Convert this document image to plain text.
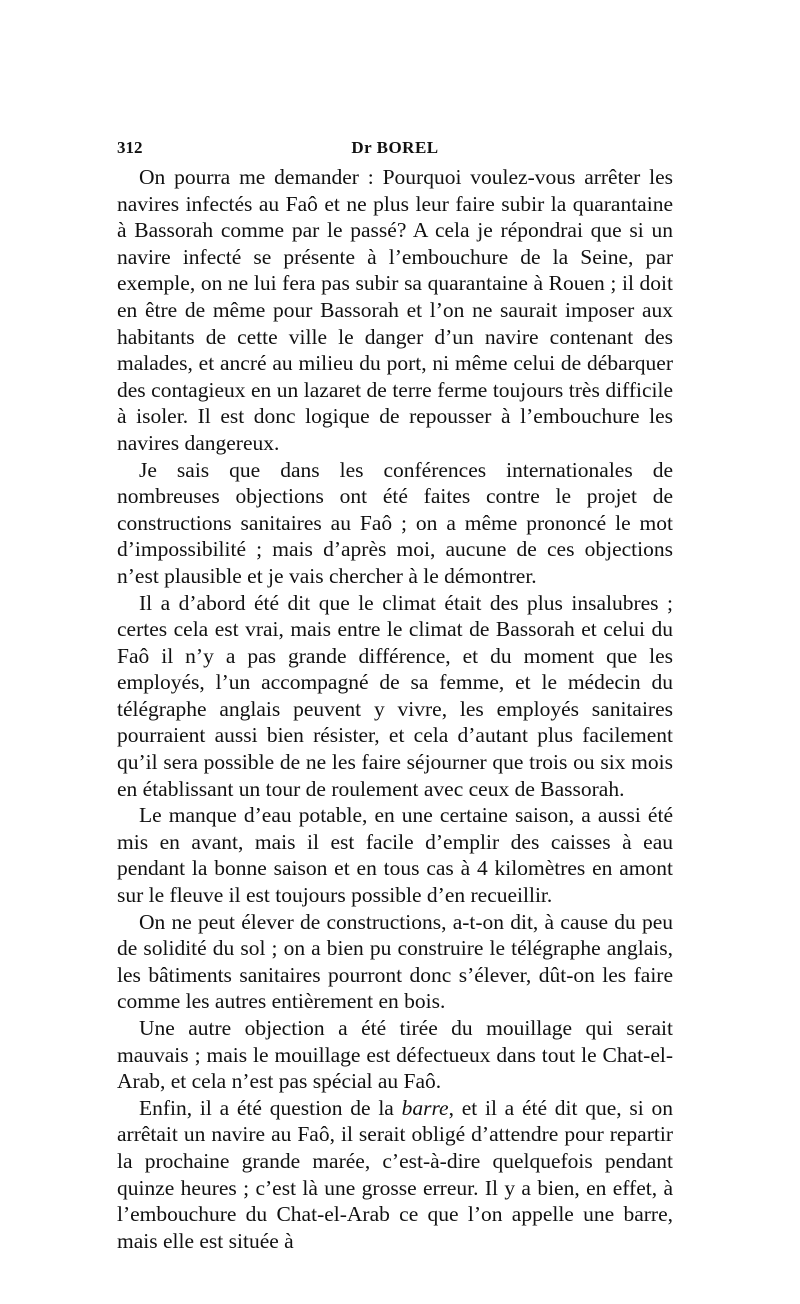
312	Dr BOREL

On pourra me demander : Pourquoi voulez-vous arrêter les navires infectés au Faô et ne plus leur faire subir la quarantaine à Bassorah comme par le passé? A cela je répondrai que si un navire infecté se présente à l’embouchure de la Seine, par exemple, on ne lui fera pas subir sa quarantaine à Rouen ; il doit en être de même pour Bassorah et l’on ne saurait imposer aux habitants de cette ville le danger d’un navire contenant des malades, et ancré au milieu du port, ni même celui de débarquer des contagieux en un lazaret de terre ferme toujours très difficile à isoler. Il est donc logique de repousser à l’embouchure les navires dangereux.

Je sais que dans les conférences internationales de nombreuses objections ont été faites contre le projet de constructions sanitaires au Faô ; on a même prononcé le mot d’impossibilité ; mais d’après moi, aucune de ces objections n’est plausible et je vais chercher à le démontrer.

Il a d’abord été dit que le climat était des plus insalubres ; certes cela est vrai, mais entre le climat de Bassorah et celui du Faô il n’y a pas grande différence, et du moment que les employés, l’un accompagné de sa femme, et le médecin du télégraphe anglais peuvent y vivre, les employés sanitaires pourraient aussi bien résister, et cela d’autant plus facilement qu’il sera possible de ne les faire séjourner que trois ou six mois en établissant un tour de roulement avec ceux de Bassorah.

Le manque d’eau potable, en une certaine saison, a aussi été mis en avant, mais il est facile d’emplir des caisses à eau pendant la bonne saison et en tous cas à 4 kilomètres en amont sur le fleuve il est toujours possible d’en recueillir.

On ne peut élever de constructions, a-t-on dit, à cause du peu de solidité du sol ; on a bien pu construire le télégraphe anglais, les bâtiments sanitaires pourront donc s’élever, dût-on les faire comme les autres entièrement en bois.

Une autre objection a été tirée du mouillage qui serait mauvais ; mais le mouillage est défectueux dans tout le Chat-el-Arab, et cela n’est pas spécial au Faô.

Enfin, il a été question de la barre, et il a été dit que, si on arrêtait un navire au Faô, il serait obligé d’attendre pour repartir la prochaine grande marée, c’est-à-dire quelquefois pendant quinze heures ; c’est là une grosse erreur. Il y a bien, en effet, à l’embouchure du Chat-el-Arab ce que l’on appelle une barre, mais elle est située à
